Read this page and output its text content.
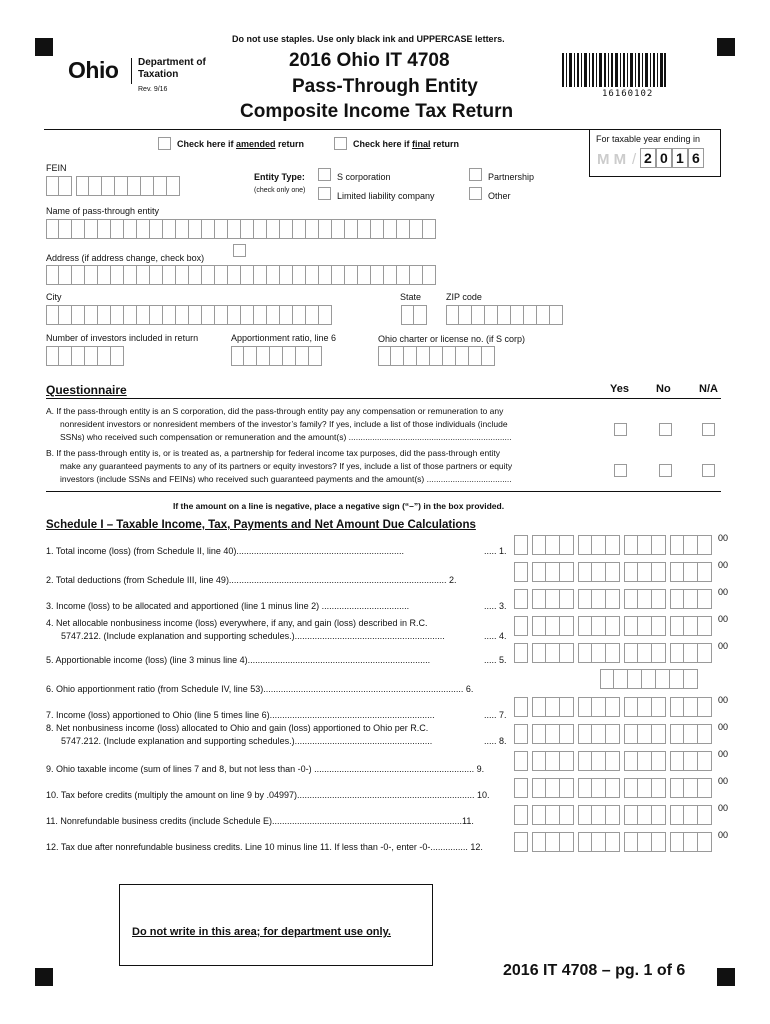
Do not use staples. Use only black ink and UPPERCASE letters.
Ohio Department of
Taxation
Rev. 9/16
2016 Ohio IT 4708
Pass-Through Entity
Composite Income Tax Return
16160102
For taxable year ending in
M M / 2 0 1 6
Check here if amended return	Check here if final return
FEIN
Entity Type:
(check only one)
S corporation
Limited liability company
Partnership
Other
Name of pass-through entity
Address (if address change, check box)
City	State	ZIP code
Number of investors included in return	Apportionment ratio, line 6	Ohio charter or license no. (if S corp)
Questionnaire	Yes No	N/A
A. If the pass-through entity is an S corporation, did the pass-through entity pay any compensation or remuneration to any
nonresident investors or nonresident members of the investor’s family? If yes, include a list of those individuals (include
SSNs) who received such compensation or remuneration and the amount(s) .....................................................................
B. If the pass-through entity is, or is treated as, a partnership for federal income tax purposes, did the pass-through entity
make any guaranteed payments to any of its partners or equity investors? If yes, include a list of those partners or equity
investors (include SSNs and FEINs) who received such guaranteed payments and the amount(s) ....................................
If the amount on a line is negative, place a negative sign (“–”) in the box provided.
Schedule I – Taxable Income, Tax, Payments and Net Amount Due Calculations
1. Total income (loss) (from Schedule II, line 40)...................................................................	..... 1.
00
2. Total deductions (from Schedule III, line 49)....................................................................................... 2.
00
3. Income (loss) to be allocated and apportioned (line 1 minus line 2) ...................................	..... 3.
00
4. Net allocable nonbusiness income (loss) everywhere, if any, and gain (loss) described in R.C.
5747.212. (Include explanation and supporting schedules.)............................................................	..... 4.
00
5. Apportionable income (loss) (line 3 minus line 4).........................................................................	..... 5.
00
6. Ohio apportionment ratio (from Schedule IV, line 53)................................................................................ 6.
7. Income (loss) apportioned to Ohio (line 5 times line 6)..................................................................	..... 7.
00
8. Net nonbusiness income (loss) allocated to Ohio and gain (loss) apportioned to Ohio per R.C.
5747.212. (Include explanation and supporting schedules.).......................................................	..... 8.
00
9. Ohio taxable income (sum of lines 7 and 8, but not less than -0-) ................................................................ 9.
00
10. Tax before credits (multiply the amount on line 9 by .04997)....................................................................... 10.
00
11. Nonrefundable business credits (include Schedule E)............................................................................11.
00
12. Tax due after nonrefundable business credits. Line 10 minus line 11. If less than -0-, enter -0-............... 12.
00
Do not write in this area; for department use only.
2016 IT 4708 – pg. 1 of 6
